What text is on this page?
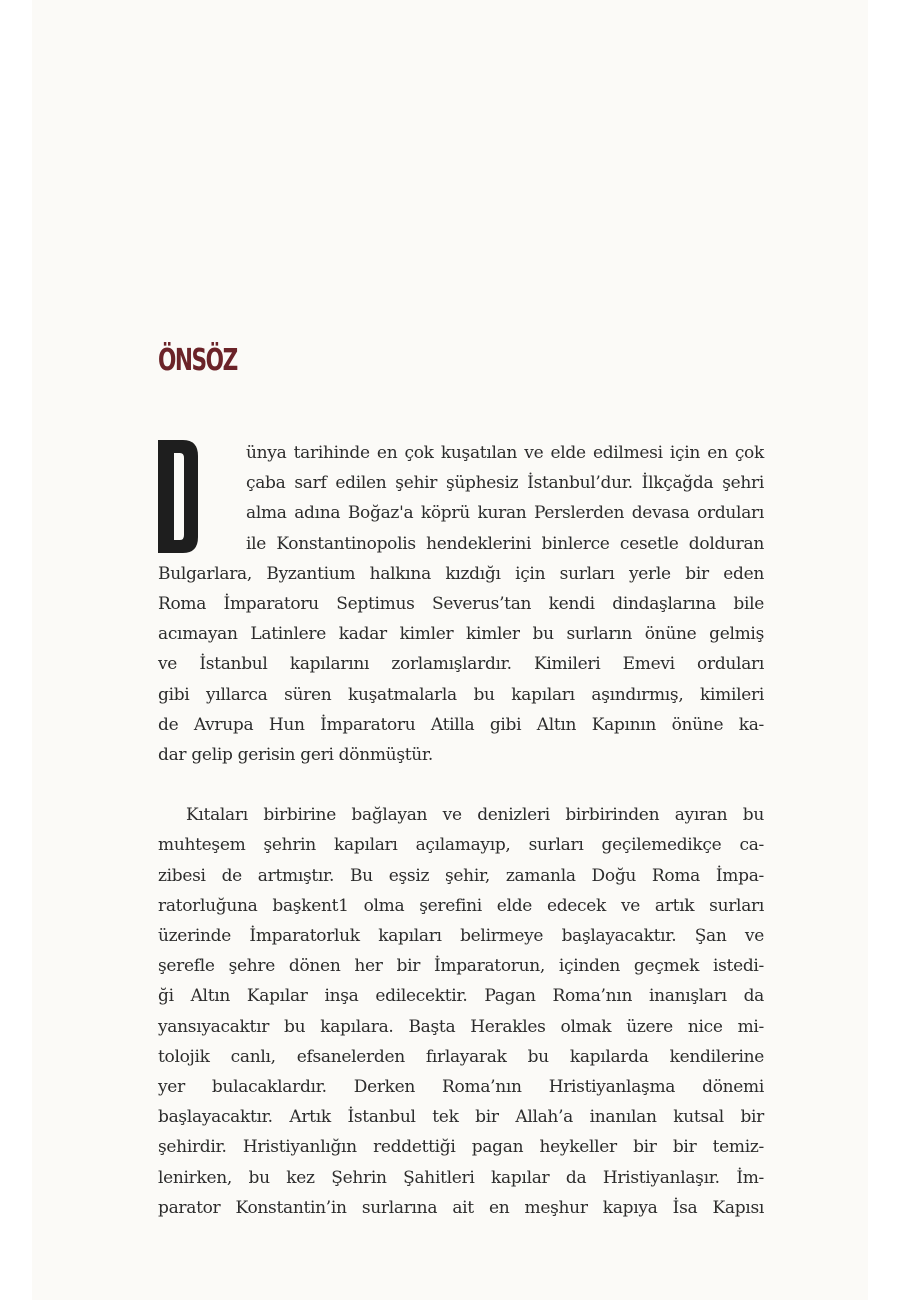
ÖNSÖZ
ünya tarihinde en çok kuşatılan ve elde edilmesi için en çok
çaba sarf edilen şehir şüphesiz İstanbul’dur. İlkçağda şehri
alma adına Boğaz'a köprü kuran Perslerden devasa orduları
ile Konstantinopolis hendeklerini binlerce cesetle dolduran
Bulgarlara, Byzantium halkına kızdığı için surları yerle bir eden
Roma İmparatoru Septimus Severus’tan kendi dindaşlarına bile
acımayan Latinlere kadar kimler kimler bu surların önüne gelmiş
ve İstanbul kapılarını zorlamışlardır. Kimileri Emevi orduları
gibi yıllarca süren kuşatmalarla bu kapıları aşındırmış, kimileri
de Avrupa Hun İmparatoru Atilla gibi Altın Kapının önüne ka-
dar gelip gerisin geri dönmüştür.
Kıtaları birbirine bağlayan ve denizleri birbirinden ayıran bu
muhteşem şehrin kapıları açılamayıp, surları geçilemedikçe ca-
zibesi de artmıştır. Bu eşsiz şehir, zamanla Doğu Roma İmpa-
ratorluğuna başkent1 olma şerefini elde edecek ve artık surları
üzerinde İmparatorluk kapıları belirmeye başlayacaktır. Şan ve
şerefle şehre dönen her bir İmparatorun, içinden geçmek istedi-
ği Altın Kapılar inşa edilecektir. Pagan Roma’nın inanışları da
yansıyacaktır bu kapılara. Başta Herakles olmak üzere nice mi-
tolojik canlı, efsanelerden fırlayarak bu kapılarda kendilerine
yer bulacaklardır. Derken Roma’nın Hristiyanlaşma dönemi
başlayacaktır. Artık İstanbul tek bir Allah’a inanılan kutsal bir
şehirdir. Hristiyanlığın reddettiği pagan heykeller bir bir temiz-
lenirken, bu kez Şehrin Şahitleri kapılar da Hristiyanlaşır. İm-
parator Konstantin’in surlarına ait en meşhur kapıya İsa Kapısı
